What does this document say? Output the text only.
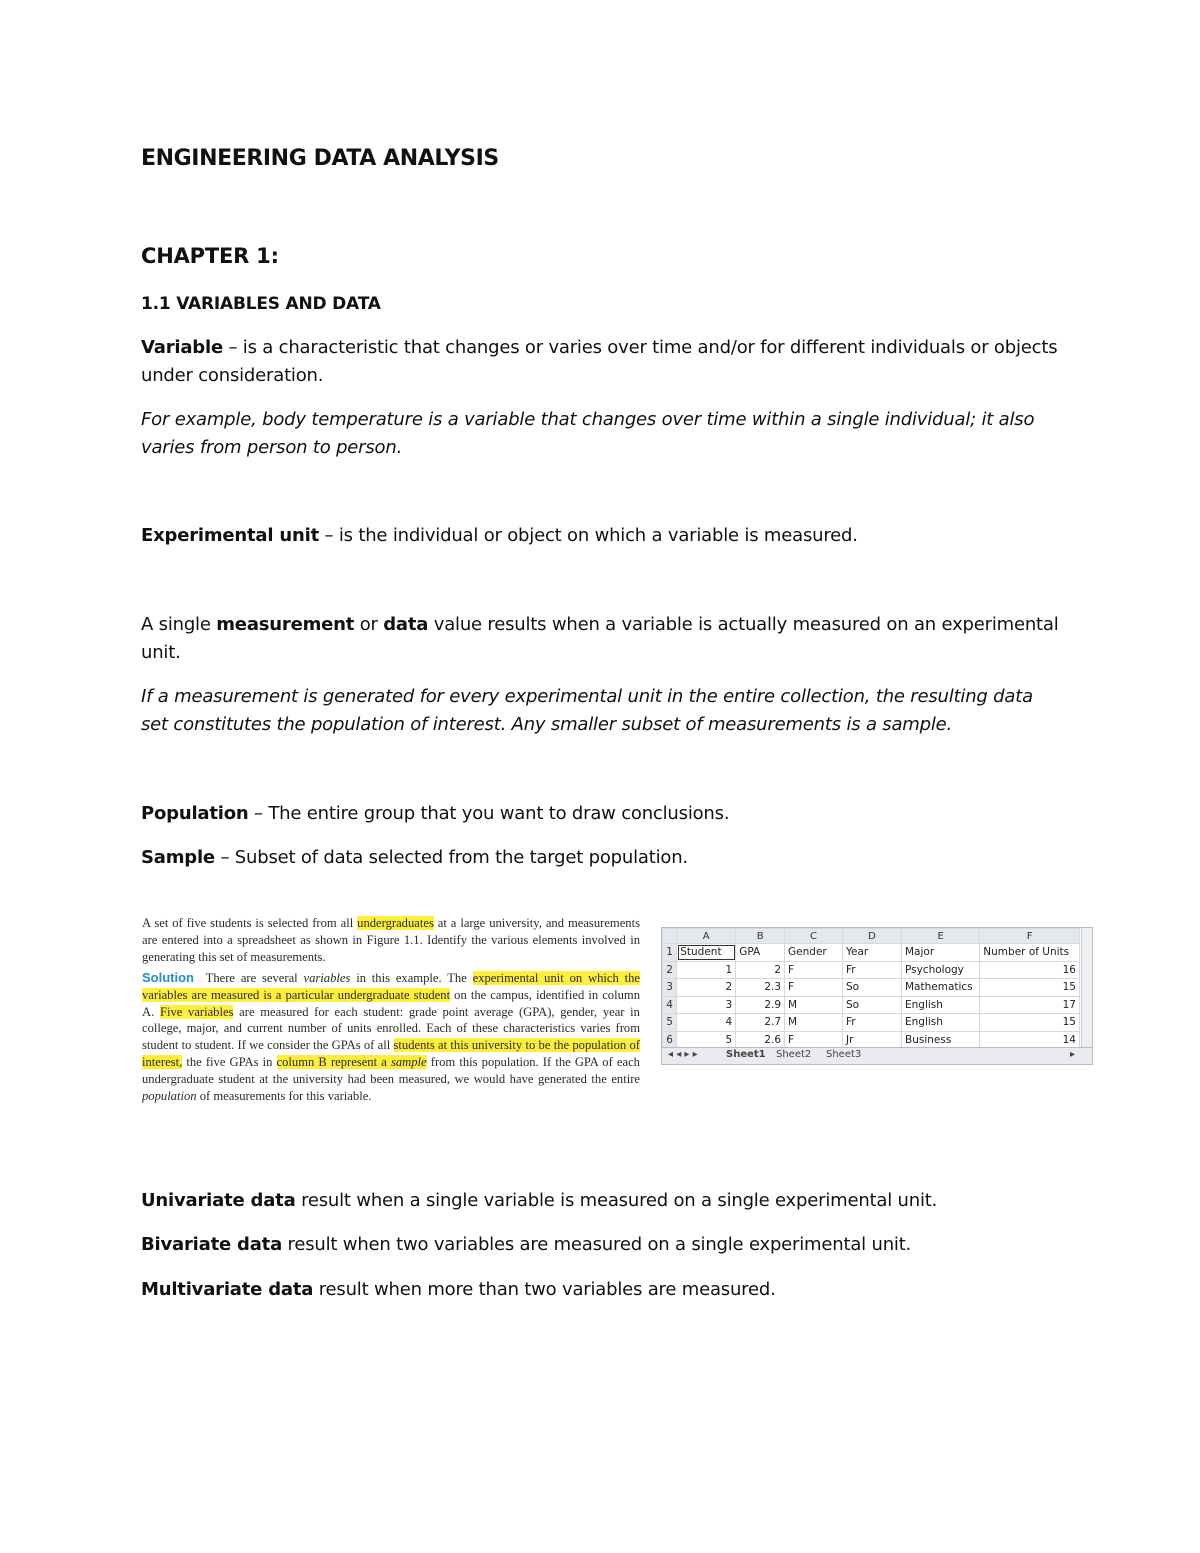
ENGINEERING DATA ANALYSIS
CHAPTER 1:
1.1 VARIABLES AND DATA
Variable – is a characteristic that changes or varies over time and/or for different individuals or objects under consideration.
For example, body temperature is a variable that changes over time within a single individual; it also varies from person to person.
Experimental unit – is the individual or object on which a variable is measured.
A single measurement or data value results when a variable is actually measured on an experimental unit.
If a measurement is generated for every experimental unit in the entire collection, the resulting data set constitutes the population of interest. Any smaller subset of measurements is a sample.
Population – The entire group that you want to draw conclusions.
Sample – Subset of data selected from the target population.

A set of five students is selected from all undergraduates at a large university, and measurements are entered into a spreadsheet as shown in Figure 1.1. Identify the various elements involved in generating this set of measurements.

Solution There are several variables in this example. The experimental unit on which the variables are measured is a particular undergraduate student on the campus, identified in column A. Five variables are measured for each student: grade point average (GPA), gender, year in college, major, and current number of units enrolled. Each of these characteristics varies from student to student. If we consider the GPAs of all students at this university to be the population of interest, the five GPAs in column B represent a sample from this population. If the GPA of each undergraduate student at the university had been measured, we would have generated the entire population of measurements for this variable.

	A	B	C	D	E	F
1	Student	GPA	Gender	Year	Major	Number of Units
2	1	2	F	Fr	Psychology	16
3	2	2.3	F	So	Mathematics	15
4	3	2.9	M	So	English	17
5	4	2.7	M	Fr	English	15
6	5	2.6	F	Jr	Business	14
◂ ◂ ▸ ▸	Sheet1 Sheet2 Sheet3	▸
Univariate data result when a single variable is measured on a single experimental unit.
Bivariate data result when two variables are measured on a single experimental unit.
Multivariate data result when more than two variables are measured.
